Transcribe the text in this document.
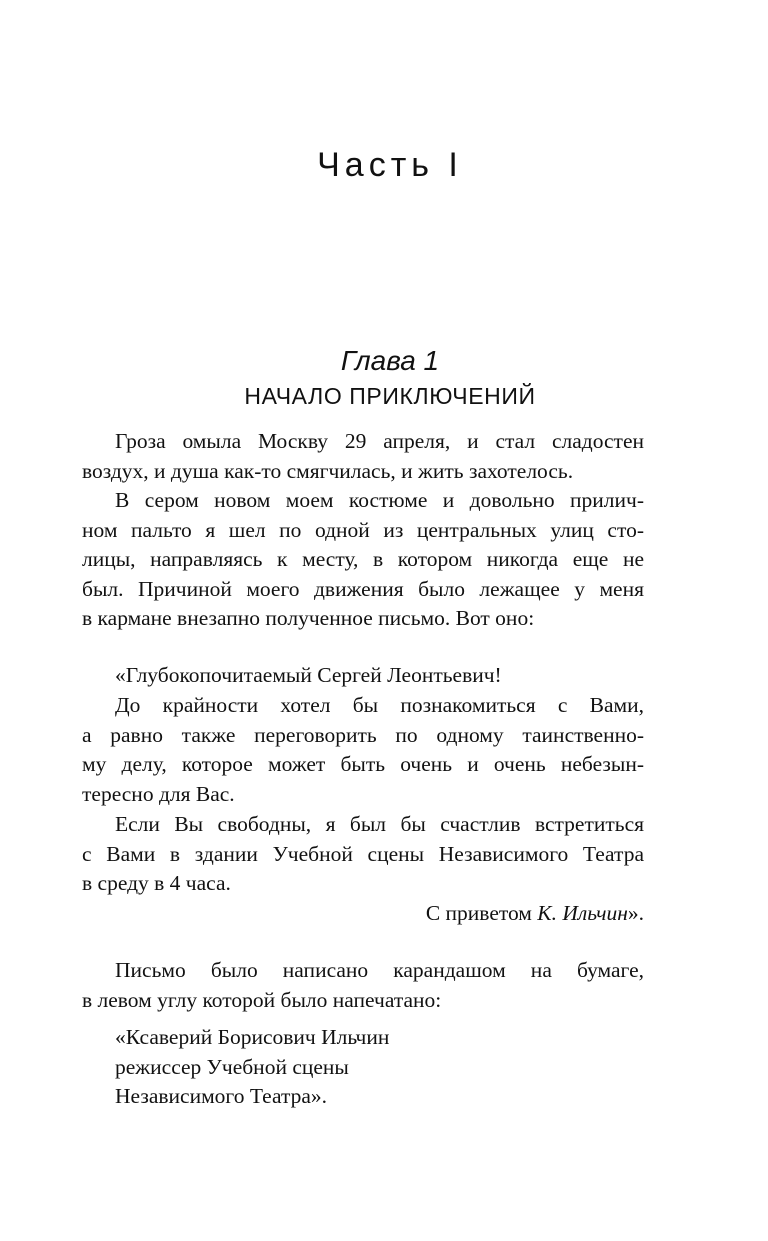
Часть I
Глава 1
НАЧАЛО ПРИКЛЮЧЕНИЙ
Гроза омыла Москву 29 апреля, и стал сладостен
воздух, и душа как-то смягчилась, и жить захотелось.
В сером новом моем костюме и довольно прилич-
ном пальто я шел по одной из центральных улиц сто-
лицы, направляясь к месту, в котором никогда еще не
был. Причиной моего движения было лежащее у меня
в кармане внезапно полученное письмо. Вот оно:
«Глубокопочитаемый Сергей Леонтьевич!
До крайности хотел бы познакомиться с Вами,
а равно также переговорить по одному таинственно-
му делу, которое может быть очень и очень небезын-
тересно для Вас.
Если Вы свободны, я был бы счастлив встретиться
с Вами в здании Учебной сцены Независимого Театра
в среду в 4 часа.
С приветом К. Ильчин».
Письмо было написано карандашом на бумаге,
в левом углу которой было напечатано:
«Ксаверий Борисович Ильчин
режиссер Учебной сцены
Независимого Театра».
